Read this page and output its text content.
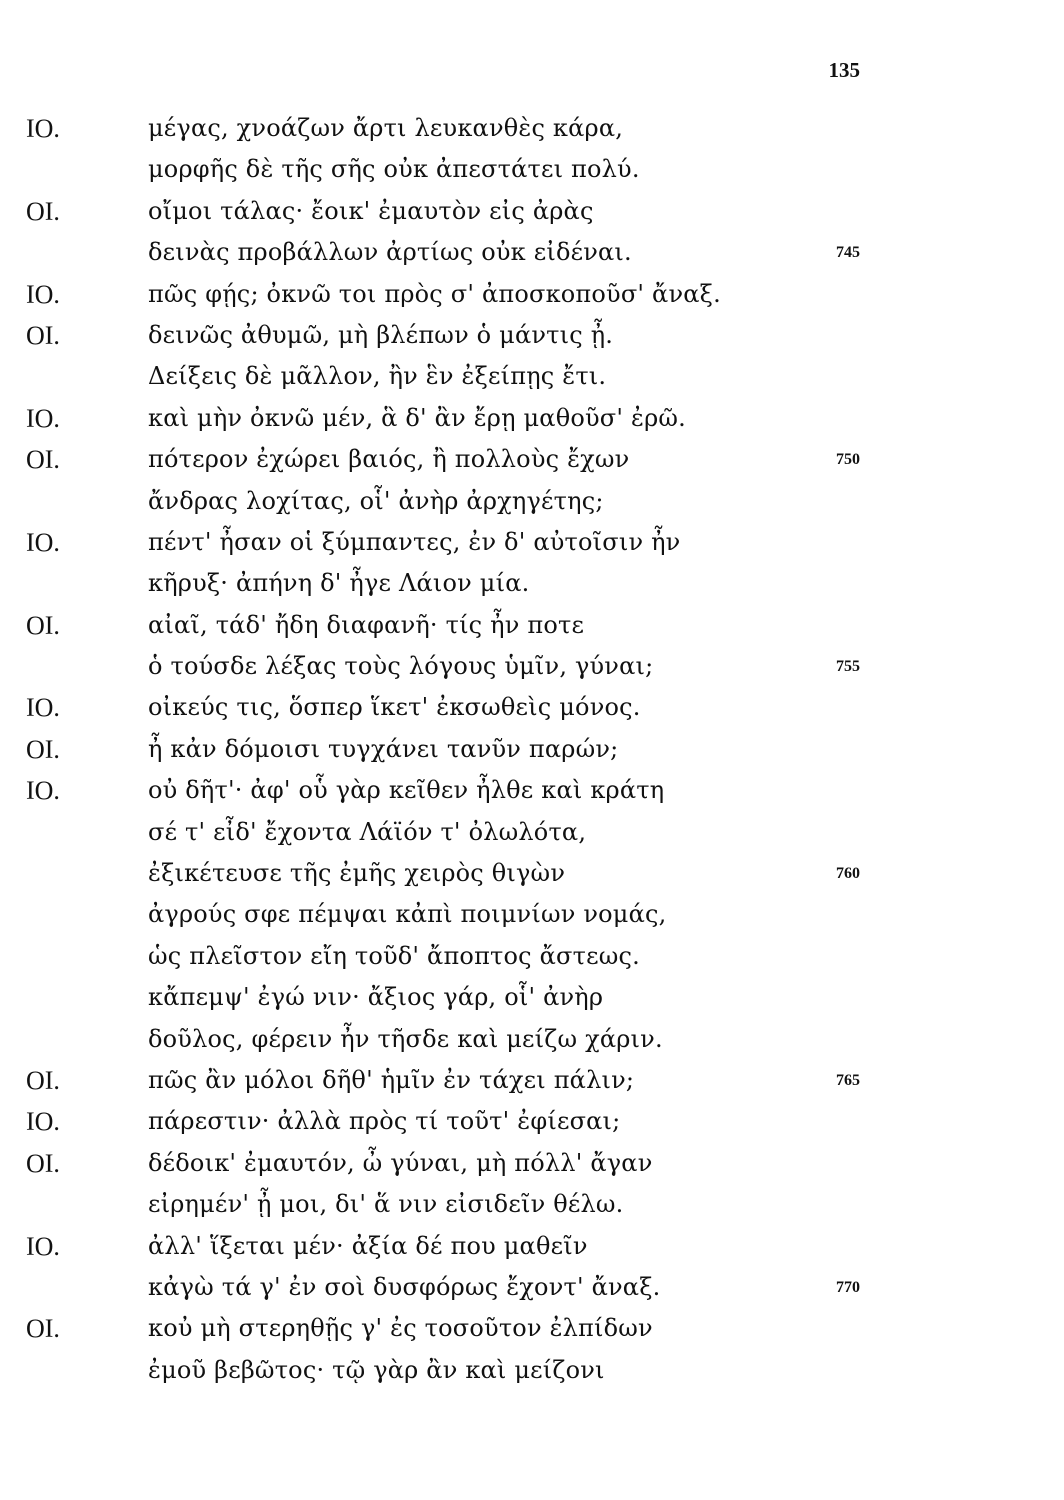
135
ΙΟ.	μέγας, χνοάζων ἄρτι λευκανθὲς κάρα,
μορφῆς δὲ τῆς σῆς οὐκ ἀπεστάτει πολύ.
ΟΙ.	οἴμοι τάλας· ἔοικ' ἐμαυτὸν εἰς ἀρὰς
δεινὰς προβάλλων ἀρτίως οὐκ εἰδέναι.	745
ΙΟ.	πῶς φῄς; ὀκνῶ τοι πρὸς σ' ἀποσκοποῦσ' ἄναξ.
ΟΙ.	δεινῶς ἀθυμῶ, μὴ βλέπων ὁ μάντις ᾖ.
Δείξεις δὲ μᾶλλον, ἢν ἓν ἐξείπῃς ἔτι.
ΙΟ.	καὶ μὴν ὀκνῶ μέν, ἃ δ' ἂν ἔρῃ μαθοῦσ' ἐρῶ.
ΟΙ.	πότερον ἐχώρει βαιός, ἢ πολλοὺς ἔχων	750
ἄνδρας λοχίτας, οἷ' ἀνὴρ ἀρχηγέτης;
ΙΟ.	πέντ' ἦσαν οἱ ξύμπαντες, ἐν δ' αὐτοῖσιν ἦν
κῆρυξ· ἀπήνη δ' ἦγε Λάιον μία.
ΟΙ.	αἰαῖ, τάδ' ἤδη διαφανῆ· τίς ἦν ποτε
ὁ τούσδε λέξας τοὺς λόγους ὑμῖν, γύναι;	755
ΙΟ.	οἰκεύς τις, ὅσπερ ἵκετ' ἐκσωθεὶς μόνος.
ΟΙ.	ἦ κἀν δόμοισι τυγχάνει τανῦν παρών;
ΙΟ.	οὐ δῆτ'· ἀφ' οὗ γὰρ κεῖθεν ἦλθε καὶ κράτη
σέ τ' εἶδ' ἔχοντα Λάϊόν τ' ὀλωλότα,
ἐξικέτευσε τῆς ἐμῆς χειρὸς θιγὼν	760
ἀγρούς σφε πέμψαι κἀπὶ ποιμνίων νομάς,
ὡς πλεῖστον εἴη τοῦδ' ἄποπτος ἄστεως.
κἄπεμψ' ἐγώ νιν· ἄξιος γάρ, οἷ' ἀνὴρ
δοῦλος, φέρειν ἦν τῆσδε καὶ μείζω χάριν.
ΟΙ.	πῶς ἂν μόλοι δῆθ' ἡμῖν ἐν τάχει πάλιν;	765
ΙΟ.	πάρεστιν· ἀλλὰ πρὸς τί τοῦτ' ἐφίεσαι;
ΟΙ.	δέδοικ' ἐμαυτόν, ὦ γύναι, μὴ πόλλ' ἄγαν
εἰρημέν' ᾖ μοι, δι' ἅ νιν εἰσιδεῖν θέλω.
ΙΟ.	ἀλλ' ἵξεται μέν· ἀξία δέ που μαθεῖν
κἀγὼ τά γ' ἐν σοὶ δυσφόρως ἔχοντ' ἄναξ.	770
ΟΙ.	κοὐ μὴ στερηθῇς γ' ἐς τοσοῦτον ἐλπίδων
ἐμοῦ βεβῶτος· τῷ γὰρ ἂν καὶ μείζονι
